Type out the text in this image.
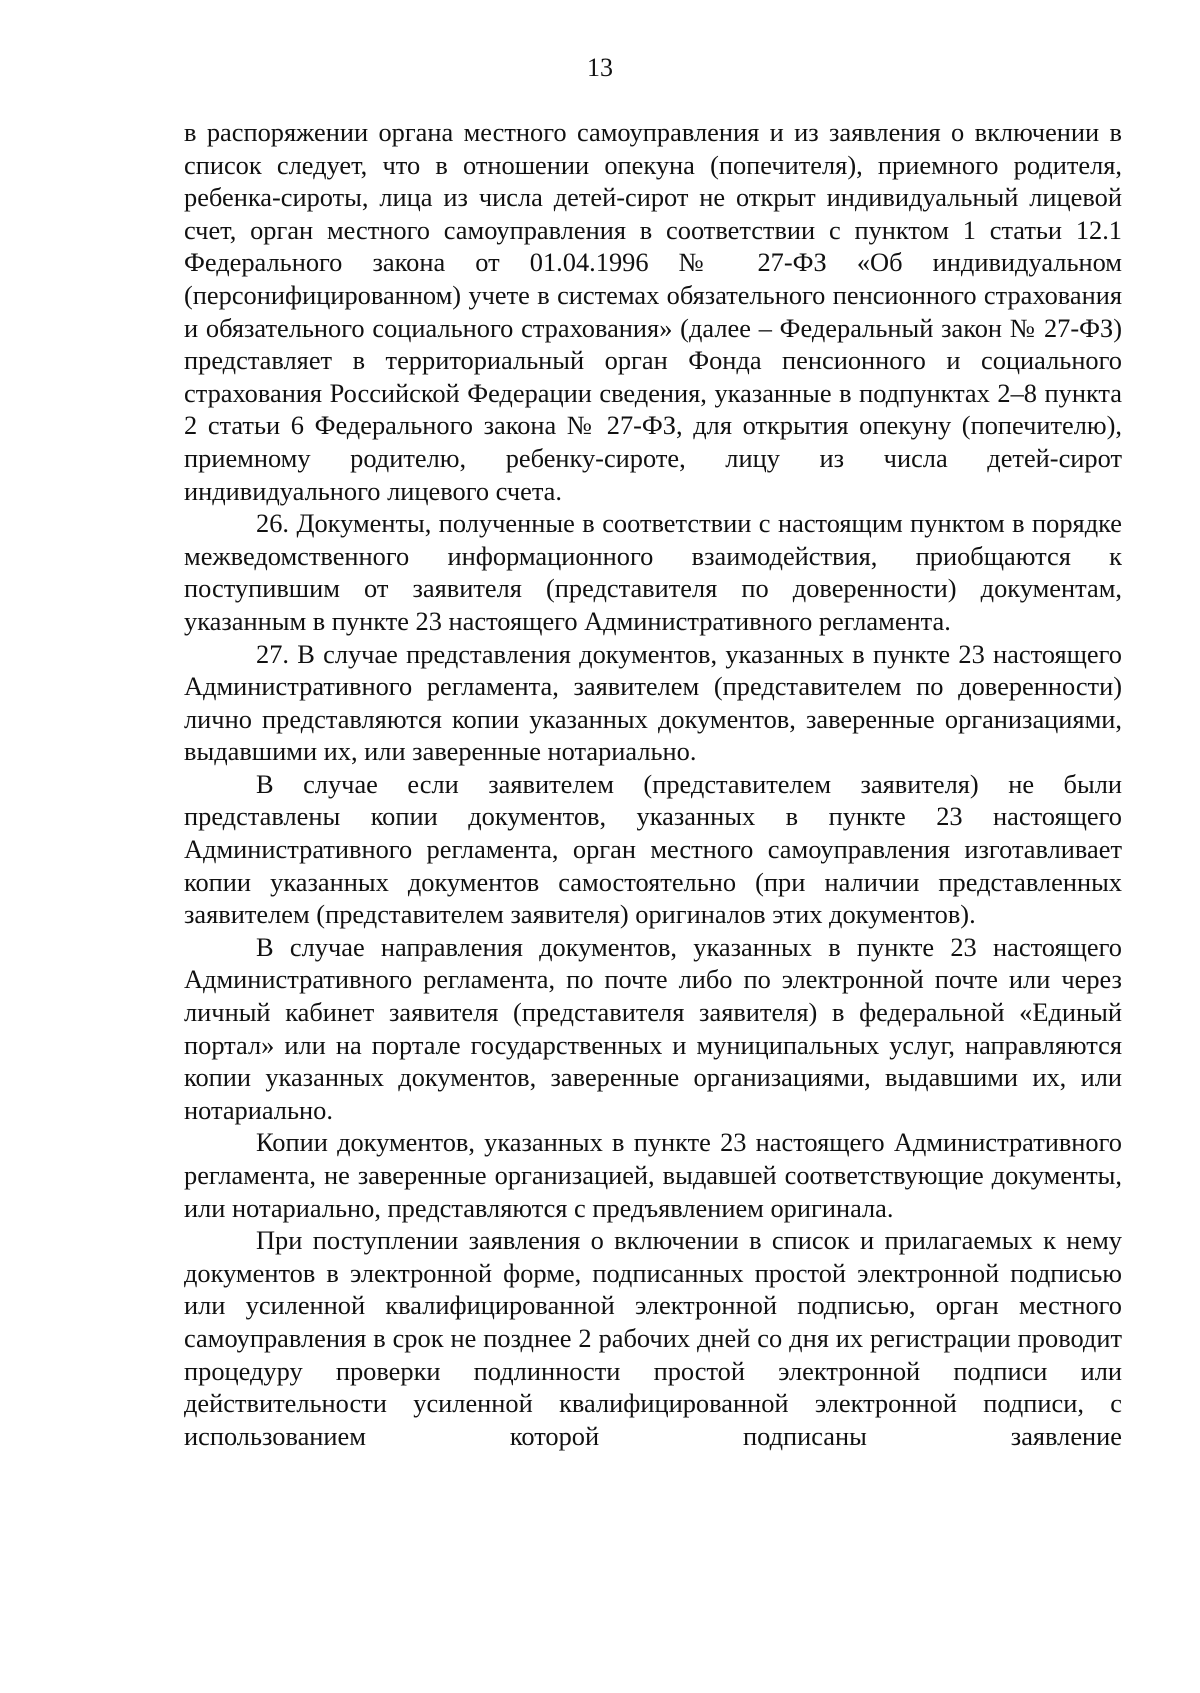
13

в распоряжении органа местного самоуправления и из заявления о включении в список следует, что в отношении опекуна (попечителя), приемного родителя, ребенка-сироты, лица из числа детей-сирот не открыт индивидуальный лицевой счет, орган местного самоуправления в соответствии с пунктом 1 статьи 12.1 Федерального закона от 01.04.1996 № 27-ФЗ «Об индивидуальном (персонифицированном) учете в системах обязательного пенсионного страхования и обязательного социального страхования» (далее – Федеральный закон № 27-ФЗ) представляет в территориальный орган Фонда пенсионного и социального страхования Российской Федерации сведения, указанные в подпунктах 2–8 пункта 2 статьи 6 Федерального закона № 27-ФЗ, для открытия опекуну (попечителю), приемному родителю, ребенку-сироте, лицу из числа детей-сирот индивидуального лицевого счета.

26. Документы, полученные в соответствии с настоящим пунктом в порядке межведомственного информационного взаимодействия, приобщаются к поступившим от заявителя (представителя по доверенности) документам, указанным в пункте 23 настоящего Административного регламента.

27. В случае представления документов, указанных в пункте 23 настоящего Административного регламента, заявителем (представителем по доверенности) лично представляются копии указанных документов, заверенные организациями, выдавшими их, или заверенные нотариально.

В случае если заявителем (представителем заявителя) не были представлены копии документов, указанных в пункте 23 настоящего Административного регламента, орган местного самоуправления изготавливает копии указанных документов самостоятельно (при наличии представленных заявителем (представителем заявителя) оригиналов этих документов).

В случае направления документов, указанных в пункте 23 настоящего Административного регламента, по почте либо по электронной почте или через личный кабинет заявителя (представителя заявителя) в федеральной «Единый портал» или на портале государственных и муниципальных услуг, направляются копии указанных документов, заверенные организациями, выдавшими их, или нотариально.

Копии документов, указанных в пункте 23 настоящего Административного регламента, не заверенные организацией, выдавшей соответствующие документы, или нотариально, представляются с предъявлением оригинала.

При поступлении заявления о включении в список и прилагаемых к нему документов в электронной форме, подписанных простой электронной подписью или усиленной квалифицированной электронной подписью, орган местного самоуправления в срок не позднее 2 рабочих дней со дня их регистрации проводит процедуру проверки подлинности простой электронной подписи или действительности усиленной квалифицированной электронной подписи, с использованием которой подписаны заявление
